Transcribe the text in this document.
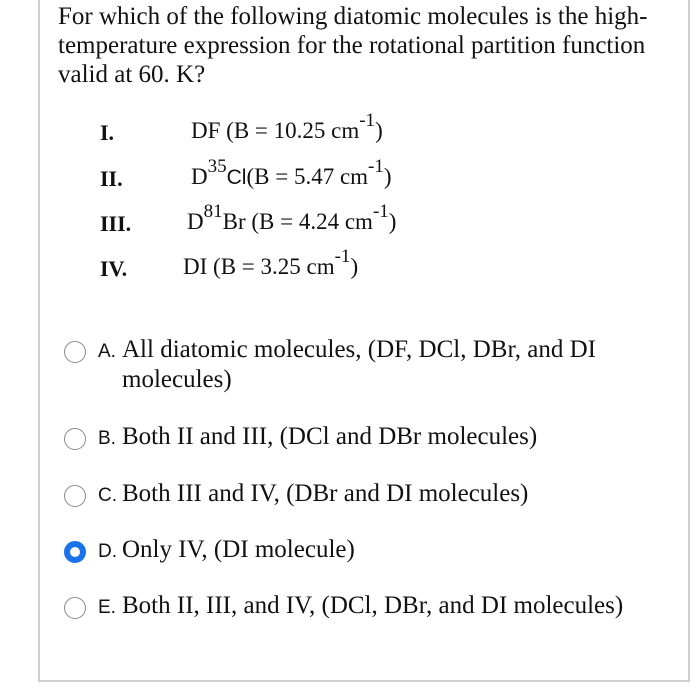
For which of the following diatomic molecules is the high-temperature expression for the rotational partition function valid at 60. K?
I.	DF (B = 10.25 $cm^{-1}$)
II.	$D^{35}Cl(B = 5.47$ $cm^{-1}$)
III. $D^{81}Br$ (B = 4.24 $cm^{-1}$)
IV. DI (B = 3.25 $cm^{-1}$)
A. All diatomic molecules, (DF, DCl, DBr, and DI molecules)
B. Both II and III, (DCl and DBr molecules)
C. Both III and IV, (DBr and DI molecules)
D. Only IV, (DI molecule)
E. Both II, III, and IV, (DCl, DBr, and DI molecules)
